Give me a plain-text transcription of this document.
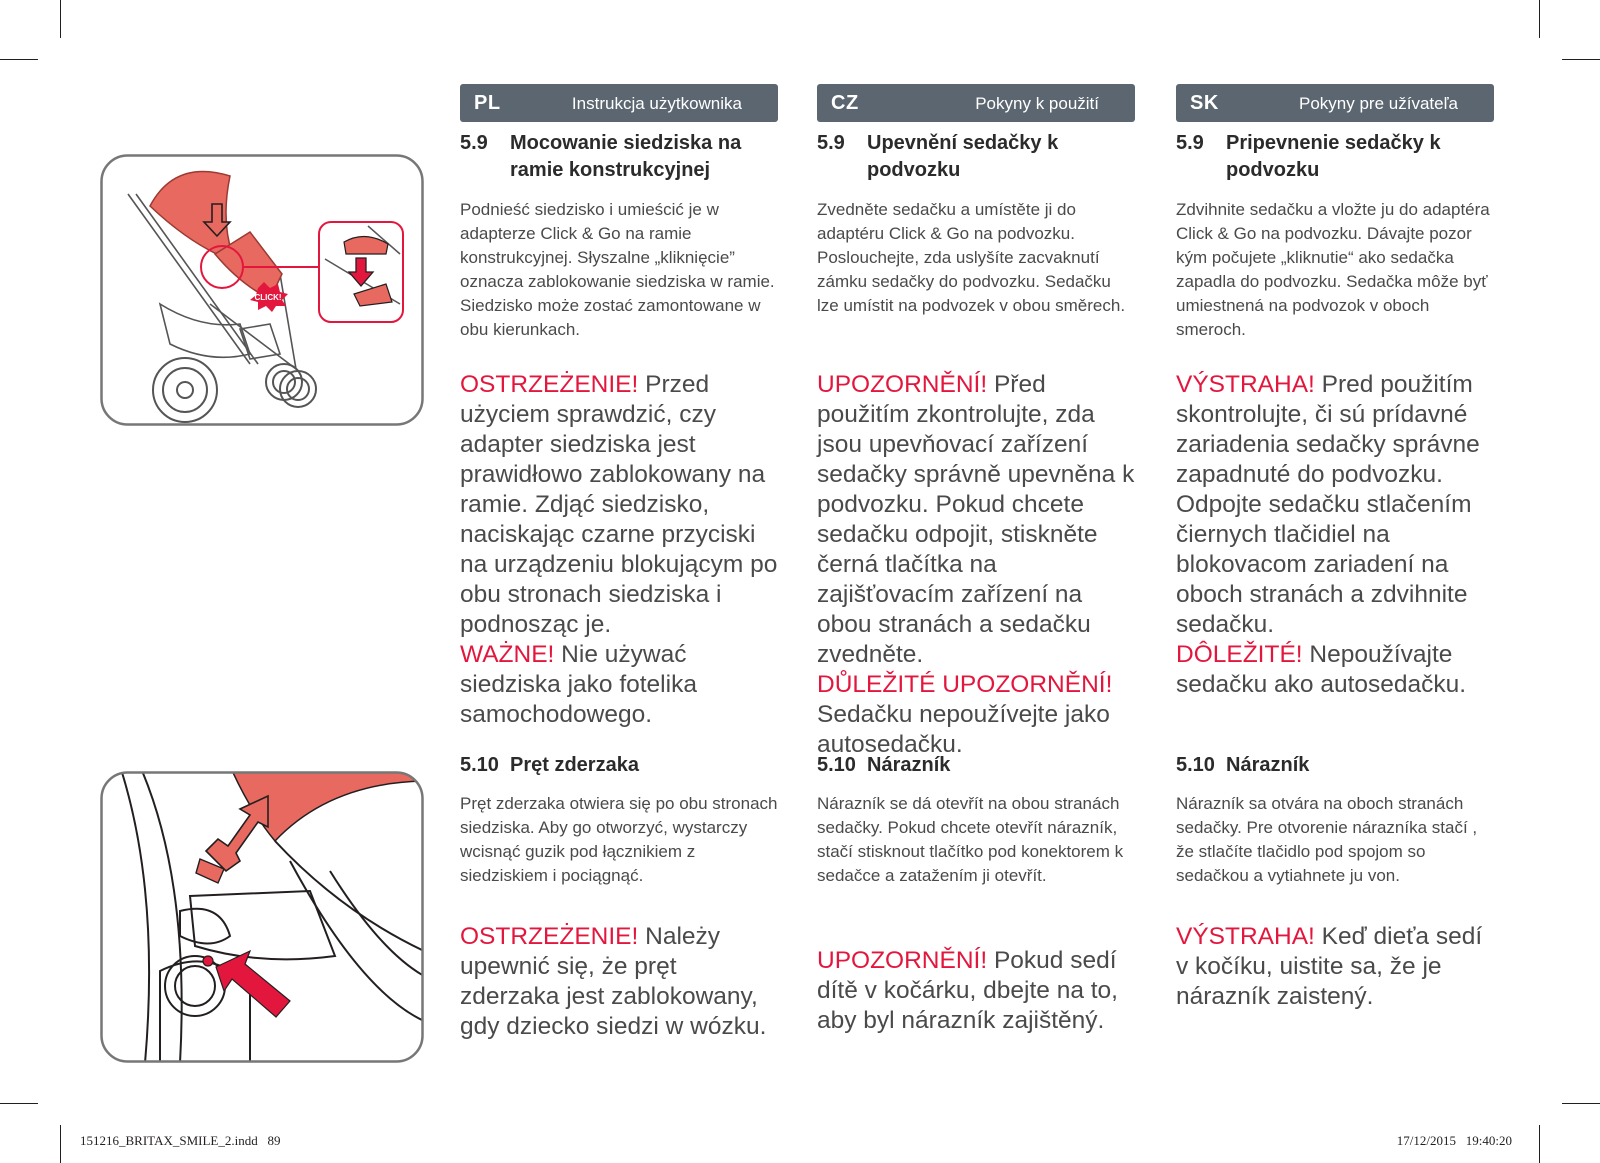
CLICK!
PL	Instrukcja użytkownika
5.9	Mocowanie siedziska na ramie konstrukcyjnej
Podnieść siedzisko i umieścić je w adapterze Click & Go na ramie konstrukcyjnej. Słyszalne „kliknięcie” oznacza zablokowanie siedziska w ramie. Siedzisko może zostać zamontowane w obu kierunkach.
OSTRZEŻENIE! Przed użyciem sprawdzić, czy adapter siedziska jest prawidłowo zablokowany na ramie. Zdjąć siedzisko, naciskając czarne przyciski na urządzeniu blokującym po obu stronach siedziska i podnosząc je.
WAŻNE! Nie używać siedziska jako fotelika samochodowego.
5.10 Pręt zderzaka
Pręt zderzaka otwiera się po obu stronach siedziska. Aby go otworzyć, wystarczy wcisnąć guzik pod łącznikiem z siedziskiem i pociągnąć.
OSTRZEŻENIE! Należy upewnić się, że pręt zderzaka jest zablokowany, gdy dziecko siedzi w wózku.
CZ	Pokyny k použití
5.9	Upevnění sedačky k podvozku
Zvedněte sedačku a umístěte ji do adaptéru Click & Go na podvozku. Poslouchejte, zda uslyšíte zacvaknutí zámku sedačky do podvozku. Sedačku lze umístit na podvozek v obou směrech.
UPOZORNĚNÍ! Před použitím zkontrolujte, zda jsou upevňovací zařízení sedačky správně upevněna k podvozku. Pokud chcete sedačku odpojit, stiskněte černá tlačítka na zajišťovacím zařízení na obou stranách a sedačku zvedněte.
DŮLEŽITÉ UPOZORNĚNÍ! Sedačku nepoužívejte jako autosedačku.
5.10 Nárazník
Nárazník se dá otevřít na obou stranách sedačky. Pokud chcete otevřít nárazník, stačí stisknout tlačítko pod konektorem k sedačce a zatažením ji otevřít.
UPOZORNĚNÍ! Pokud sedí dítě v kočárku, dbejte na to, aby byl nárazník zajištěný.
SK	Pokyny pre užívateľa
5.9	Pripevnenie sedačky k podvozku
Zdvihnite sedačku a vložte ju do adaptéra Click & Go na podvozku. Dávajte pozor kým počujete „kliknutie“ ako sedačka zapadla do podvozku. Sedačka môže byť umiestnená na podvozok v oboch smeroch.
VÝSTRAHA! Pred použitím skontrolujte, či sú prídavné zariadenia sedačky správne zapadnuté do podvozku. Odpojte sedačku stlačením čiernych tlačidiel na blokovacom zariadení na oboch stranách a zdvihnite sedačku.
DÔLEŽITÉ! Nepoužívajte sedačku ako autosedačku.
5.10 Nárazník
Nárazník sa otvára na oboch stranách sedačky. Pre otvorenie nárazníka stačí , že stlačíte tlačidlo pod spojom so sedačkou a vytiahnete ju von.
VÝSTRAHA! Keď dieťa sedí v kočíku, uistite sa, že je nárazník zaistený.
151216_BRITAX_SMILE_2.indd   89	17/12/2015   19:40:20
